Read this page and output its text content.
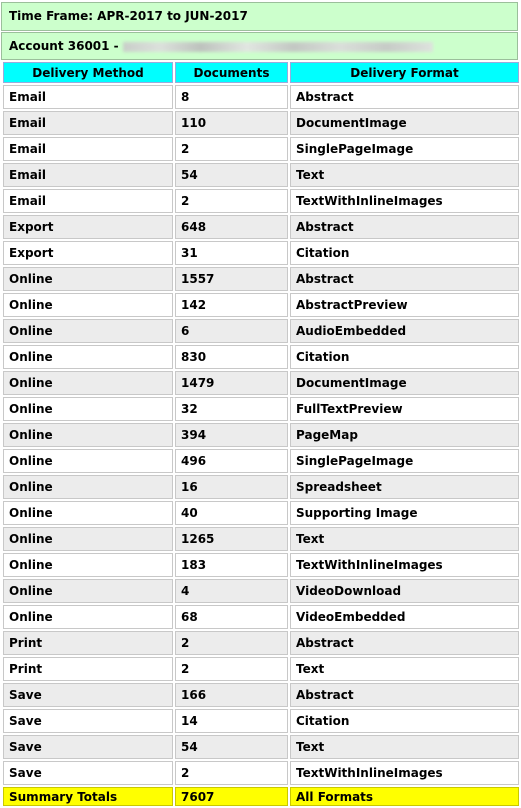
Time Frame: APR-2017 to JUN-2017
Account 36001 -
Delivery Method	Documents	Delivery Format
Email	8	Abstract
Email	110	DocumentImage
Email	2	SinglePageImage
Email	54	Text
Email	2	TextWithInlineImages
Export	648	Abstract
Export	31	Citation
Online	1557	Abstract
Online	142	AbstractPreview
Online	6	AudioEmbedded
Online	830	Citation
Online	1479	DocumentImage
Online	32	FullTextPreview
Online	394	PageMap
Online	496	SinglePageImage
Online	16	Spreadsheet
Online	40	Supporting Image
Online	1265	Text
Online	183	TextWithInlineImages
Online	4	VideoDownload
Online	68	VideoEmbedded
Print	2	Abstract
Print	2	Text
Save	166	Abstract
Save	14	Citation
Save	54	Text
Save	2	TextWithInlineImages
Summary Totals	7607	All Formats
